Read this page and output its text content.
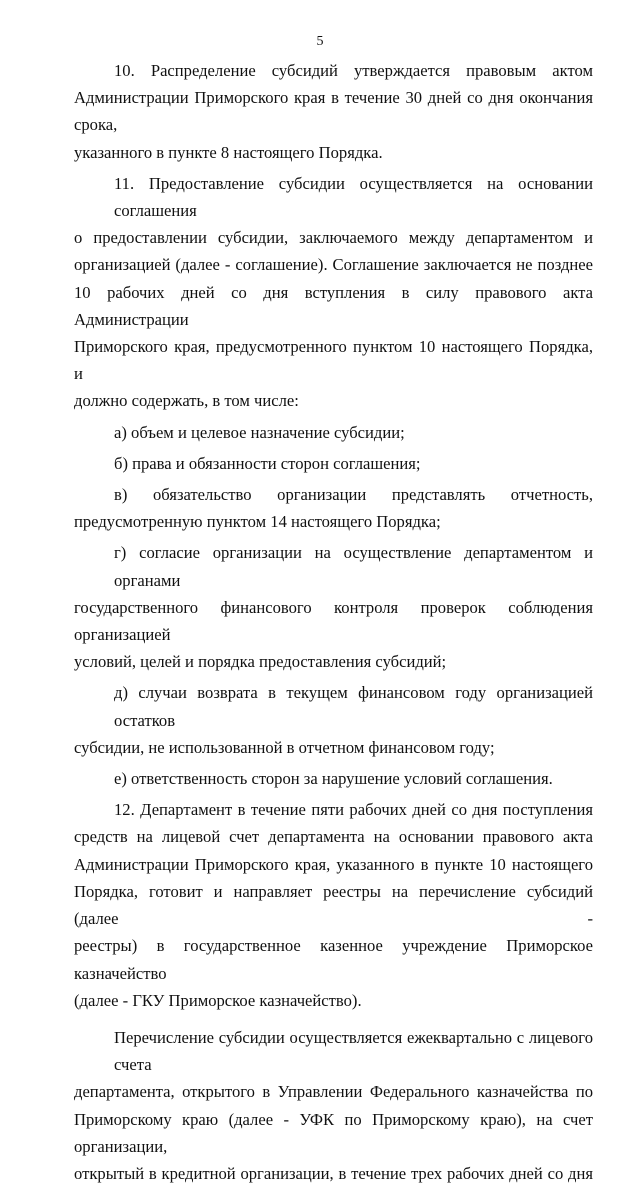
5
10. Распределение субсидий утверждается правовым актом
Администрации Приморского края в течение 30 дней со дня окончания срока,
указанного в пункте 8 настоящего Порядка.
11. Предоставление субсидии осуществляется на основании соглашения
о предоставлении субсидии, заключаемого между департаментом и
организацией (далее - соглашение). Соглашение заключается не позднее
10 рабочих дней со дня вступления в силу правового акта Администрации
Приморского края, предусмотренного пунктом 10 настоящего Порядка, и
должно содержать, в том числе:
а) объем и целевое назначение субсидии;
б) права и обязанности сторон соглашения;
в) обязательство организации представлять отчетность,
предусмотренную пунктом 14 настоящего Порядка;
г) согласие организации на осуществление департаментом и органами
государственного финансового контроля проверок соблюдения организацией
условий, целей и порядка предоставления субсидий;
д) случаи возврата в текущем финансовом году организацией остатков
субсидии, не использованной в отчетном финансовом году;
е) ответственность сторон за нарушение условий соглашения.
12. Департамент в течение пяти рабочих дней со дня поступления
средств на лицевой счет департамента на основании правового акта
Администрации Приморского края, указанного в пункте 10 настоящего
Порядка, готовит и направляет реестры на перечисление субсидий (далее -
реестры) в государственное казенное учреждение Приморское казначейство
(далее - ГКУ Приморское казначейство).
Перечисление субсидии осуществляется ежеквартально с лицевого счета
департамента, открытого в Управлении Федерального казначейства по
Приморскому краю (далее - УФК по Приморскому краю), на счет организации,
открытый в кредитной организации, в течение трех рабочих дней со дня
